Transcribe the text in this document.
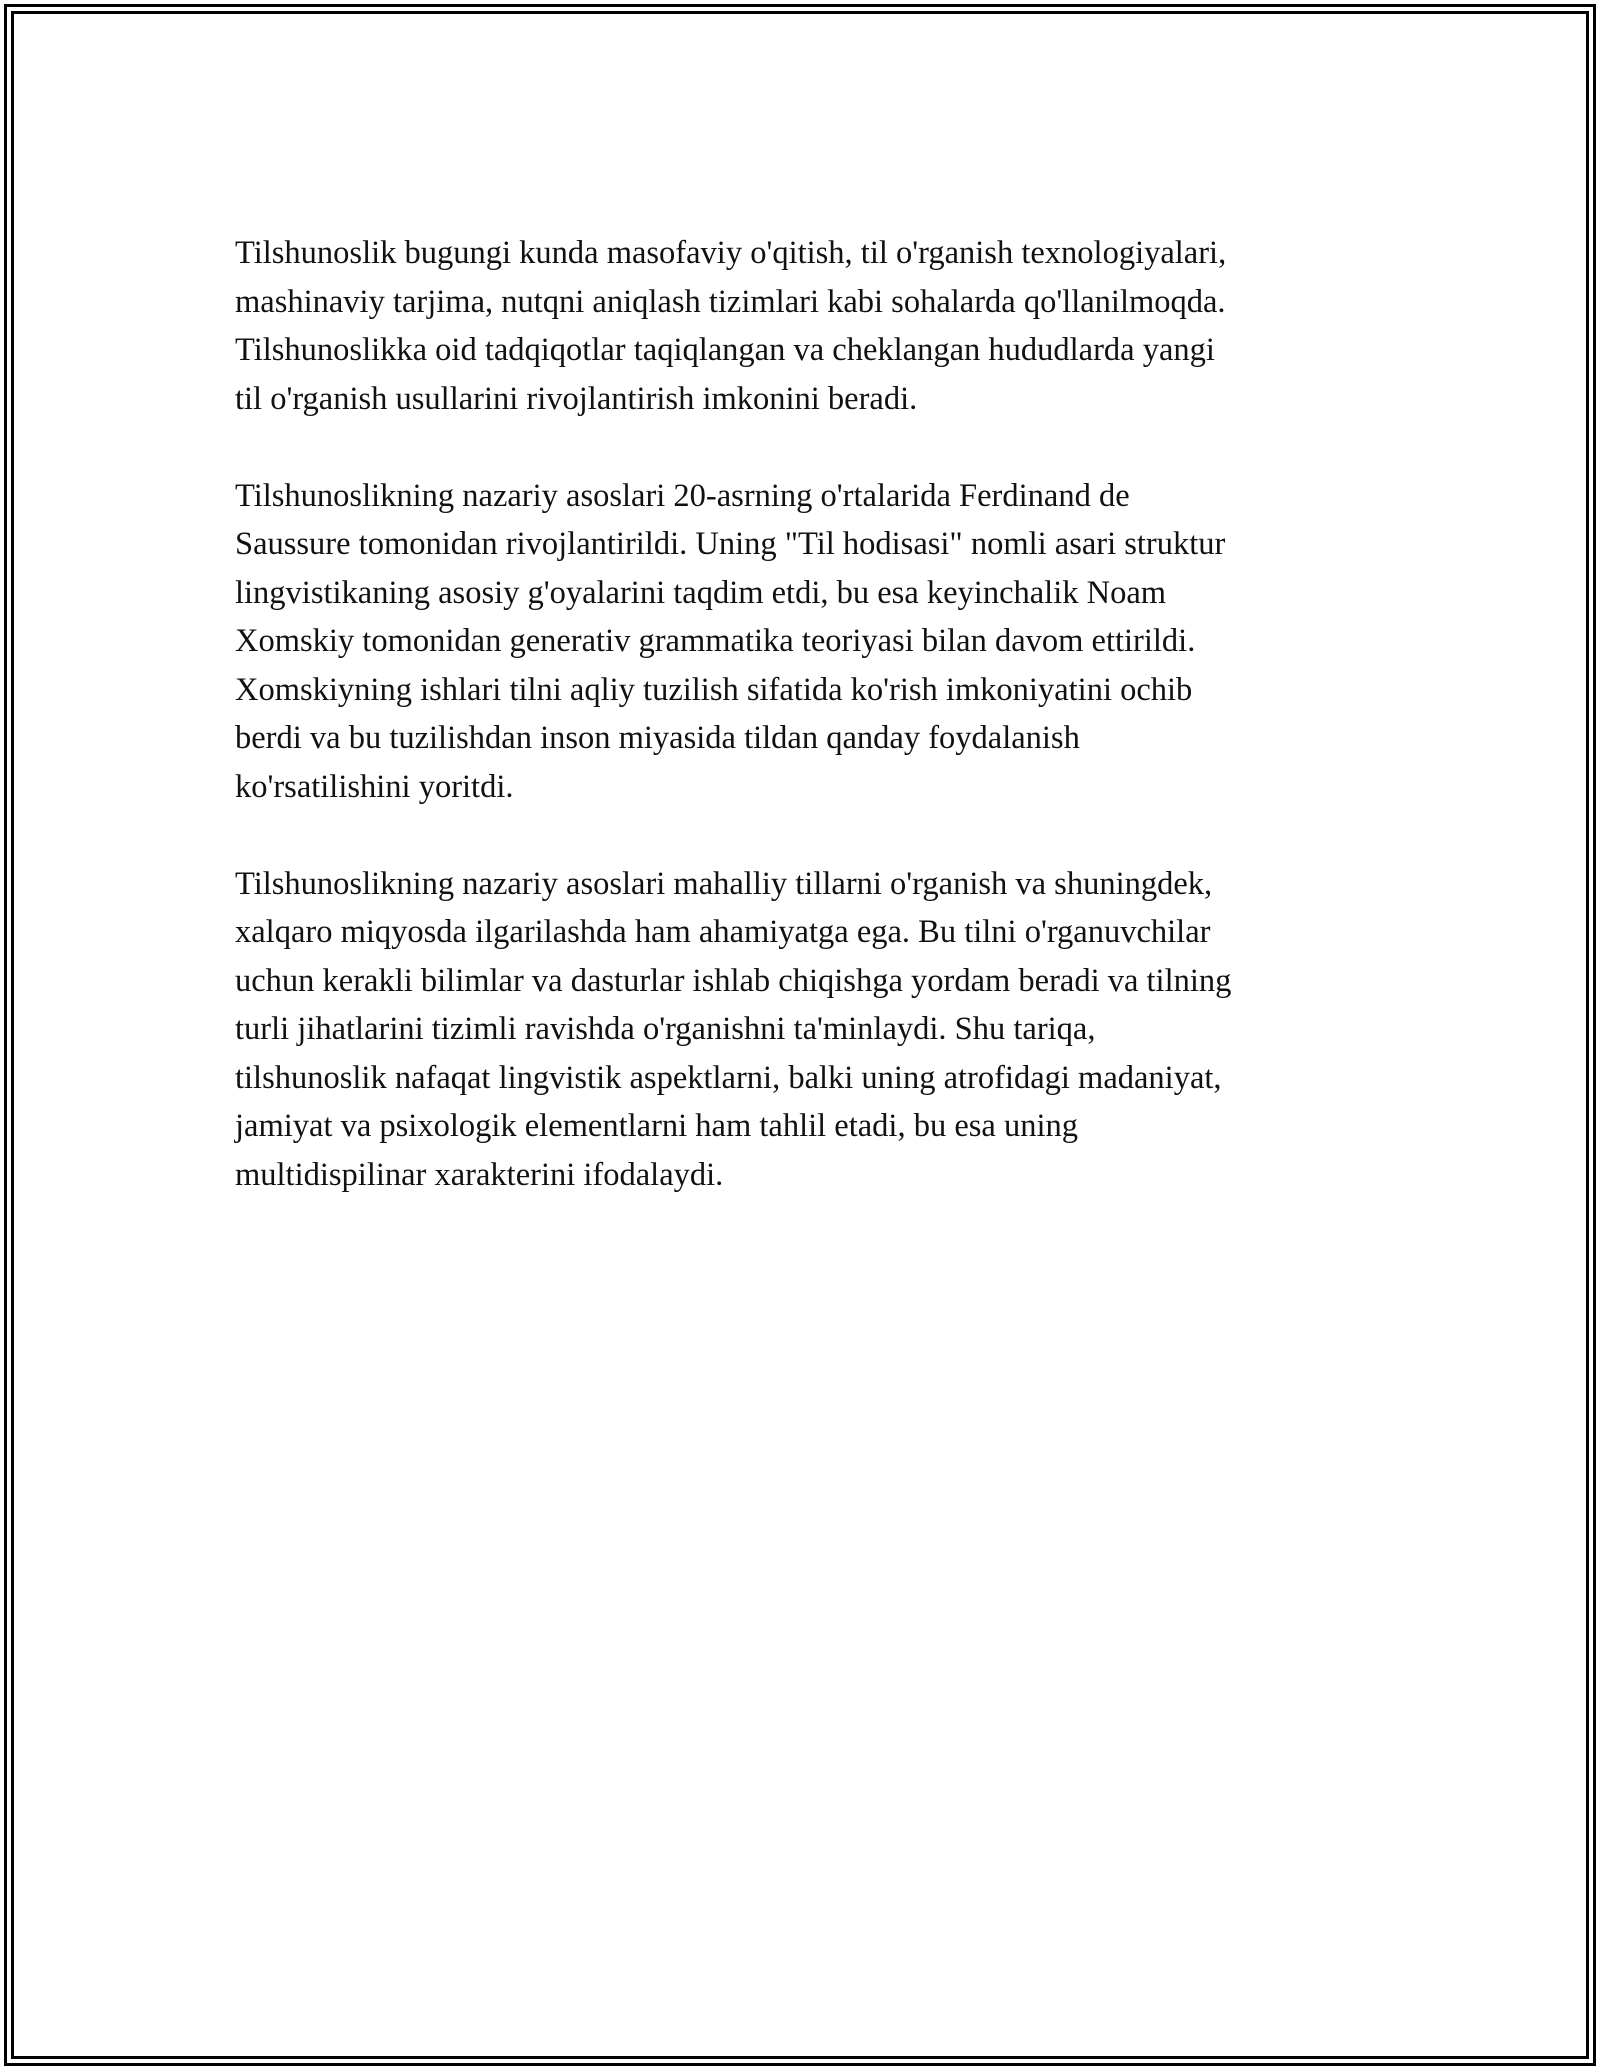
Tilshunoslik bugungi kunda masofaviy o'qitish, til o'rganish texnologiyalari,
mashinaviy tarjima, nutqni aniqlash tizimlari kabi sohalarda qo'llanilmoqda.
Tilshunoslikka oid tadqiqotlar taqiqlangan va cheklangan hududlarda yangi
til o'rganish usullarini rivojlantirish imkonini beradi.

Tilshunoslikning nazariy asoslari 20-asrning o'rtalarida Ferdinand de
Saussure tomonidan rivojlantirildi. Uning "Til hodisasi" nomli asari struktur
lingvistikaning asosiy g'oyalarini taqdim etdi, bu esa keyinchalik Noam
Xomskiy tomonidan generativ grammatika teoriyasi bilan davom ettirildi.
Xomskiyning ishlari tilni aqliy tuzilish sifatida ko'rish imkoniyatini ochib
berdi va bu tuzilishdan inson miyasida tildan qanday foydalanish
ko'rsatilishini yoritdi.

Tilshunoslikning nazariy asoslari mahalliy tillarni o'rganish va shuningdek,
xalqaro miqyosda ilgarilashda ham ahamiyatga ega. Bu tilni o'rganuvchilar
uchun kerakli bilimlar va dasturlar ishlab chiqishga yordam beradi va tilning
turli jihatlarini tizimli ravishda o'rganishni ta'minlaydi. Shu tariqa,
tilshunoslik nafaqat lingvistik aspektlarni, balki uning atrofidagi madaniyat,
jamiyat va psixologik elementlarni ham tahlil etadi, bu esa uning
multidispilinar xarakterini ifodalaydi.
